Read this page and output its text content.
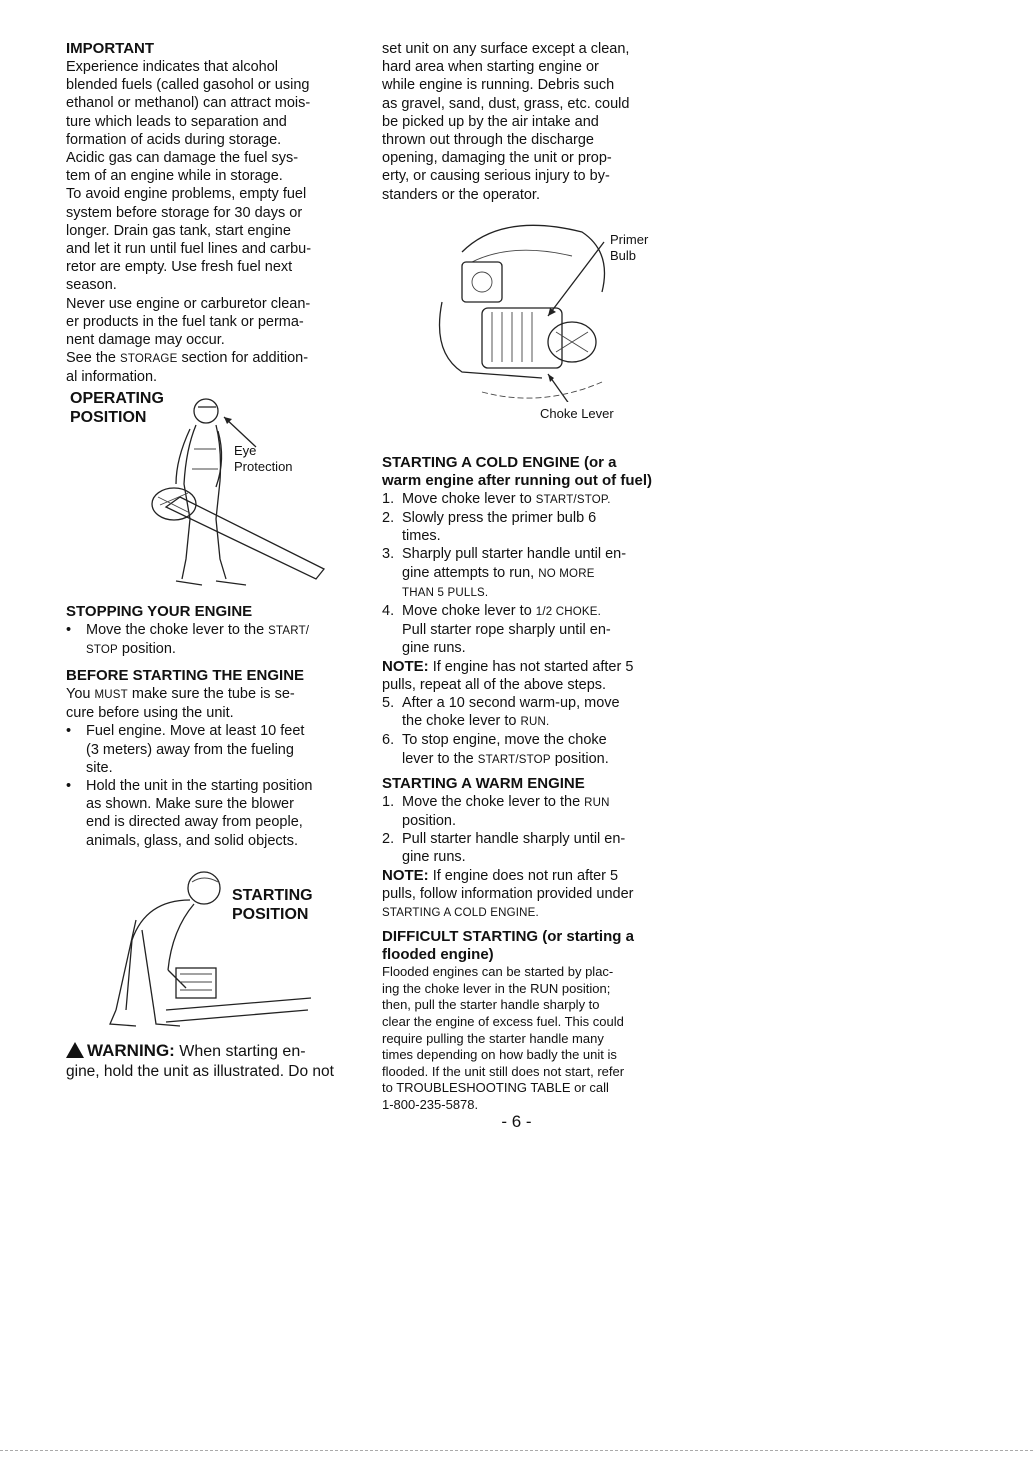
IMPORTANT

Experience indicates that alcohol

blended fuels (called gasohol or using

ethanol or methanol) can attract mois-

ture which leads to separation and

formation of acids during storage.

Acidic gas can damage the fuel sys-

tem of an engine while in storage.

To avoid engine problems, empty fuel

system before storage for 30 days or

longer. Drain gas tank, start engine

and let it run until fuel lines and carbu-

retor are empty. Use fresh fuel next

season.

Never use engine or carburetor clean-

er products in the fuel tank or perma-

nent damage may occur.

See the STORAGE section for addition-

al information.

OPERATING
POSITION
Eye
Protection

STOPPING YOUR ENGINE

•	Move the choke lever to the START/
STOP position.

BEFORE STARTING THE ENGINE

You MUST make sure the tube is se-

cure before using the unit.

•	Fuel engine. Move at least 10 feet
(3 meters) away from the fueling
site.
•	Hold the unit in the starting position
as shown. Make sure the blower
end is directed away from people,
animals, glass, and solid objects.
STARTING
POSITION

WARNING: When starting en-

gine, hold the unit as illustrated. Do not

set unit on any surface except a clean,

hard area when starting engine or

while engine is running. Debris such

as gravel, sand, dust, grass, etc. could

be picked up by the air intake and

thrown out through the discharge

opening, damaging the unit or prop-

erty, or causing serious injury to by-

standers or the operator.

Primer
Bulb
Choke Lever

STARTING A COLD ENGINE (or a
warm engine after running out of fuel)

1. Move choke lever to START/STOP.
2. Slowly press the primer bulb 6
times.
3. Sharply pull starter handle until en-
gine attempts to run, NO MORE
THAN 5 PULLS.
4. Move choke lever to 1/2 CHOKE.
Pull starter rope sharply until en-
gine runs.

NOTE: If engine has not started after 5
pulls, repeat all of the above steps.

5. After a 10 second warm-up, move
the choke lever to RUN.
6. To stop engine, move the choke
lever to the START/STOP position.

STARTING A WARM ENGINE

1. Move the choke lever to the RUN
position.
2. Pull starter handle sharply until en-
gine runs.

NOTE: If engine does not run after 5
pulls, follow information provided under
STARTING A COLD ENGINE.

DIFFICULT STARTING (or starting a
flooded engine)

Flooded engines can be started by plac-

ing the choke lever in the RUN position;

then, pull the starter handle sharply to

clear the engine of excess fuel. This could

require pulling the starter handle many

times depending on how badly the unit is

flooded. If the unit still does not start, refer

to TROUBLESHOOTING TABLE or call

1-800-235-5878.

- 6 -
